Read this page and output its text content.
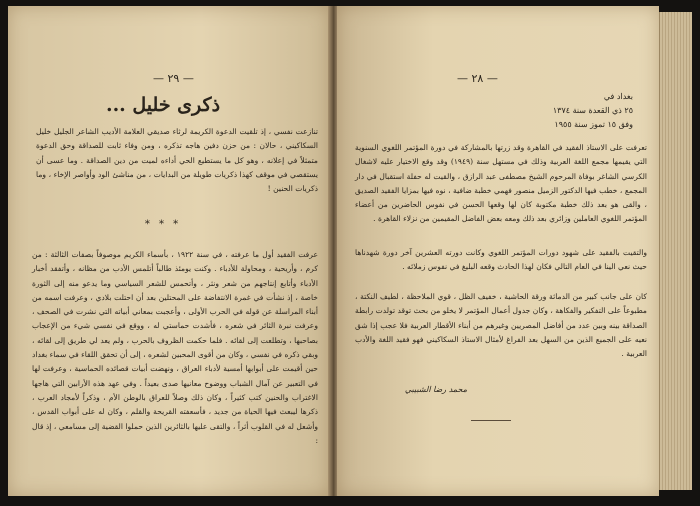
— ٢٩ —
ذكرى خليل ...
تنازعت نفسي ، إذ تلقيت الدعوة الكريمة لرثاء صديقي العلامة الأديب الشاعر الجليل خليل السكاكيني ، حالان : من حزن دفين هاجه تذكره ، ومن وفاء ثابت للصداقة وحق الدعوة متمثلاً في إعلانه ، وهو كل ما يستطيع الحي أداءه لميت من دين الصداقة . وما عسى أن يستقصي في موقف كهذا ذكريات طويلة من البدايات ، من مناشئ الود وأواصر الإخاء ، وما ذكريات الحنين !
* * *
عرفت الفقيد أول ما عرفته ، في سنة ١٩٢٢ ، بأسماء الكريم موصوفاً بصفات الثالثة : من كرم ، وأريحية ، ومحاولة للأدباء . وكنت يومئذ طالباً أتلمس الأدب من مظانه ، وأتفقد أخبار الأدباء وأتابع إنتاجهم من شعر ونثر ، وأتحمس للشعر السياسي وما يدعو منه إلى الثورة خاصة ، إذ نشأت في غمرة الانتفاضة على المحتلين بعد أن احتلت بلادي ، وعرفت اسمه من أبناء المراسلة عن قوله في الحرب الأولى ، وأعجبت بمعاني أبياته التي نشرت في الصحف ، وعرفت نبرة الثائر في شعره ، فأشدت حماستي له ، ووقع في نفسي شيء من الإعجاب بصاحبها ، وتطلعت إلى لقائه . فلما حكمت الظروف بالحرب ، ولم يعد لي طريق إلى لقائه ، وبقي ذكره في نفسي ، وكان من أقوى المحبين لشعره ، إلى أن تحقق اللقاء في سماء بغداد حين أقيمت على أبوابها أمسية لأدباء العراق ، ونهضت أبيات قصائده الحماسية ، وعرفت لها في التعبير عن آمال الشباب ووضوح معانيها صدى بعيداً . وفي عهد هذه الأرابين التي هاجها الاغتراب والحنين كتب كثيراً ، وكان ذلك وصلاً للعراق بالوطن الأم ، وذكراً لأمجاد العرب ، ذكرها ليبعث فيها الحياة من جديد ، فأسعفته القريحة والقلم ، وكان له على أبواب القدس ، وأشعل له في القلوب أثراً ، والتقى عليها بالثائرين الذين حملوا القضية إلى مسامعي ، إذ قال :
— ٢٨ —
بغداد في
٢٥ ذي القعدة سنة ١٣٧٤
وفق ١٥ تموز سنة ١٩٥٥
تعرفت على الاستاذ الفقيد في القاهرة وقد زرتها بالمشاركة في دورة المؤتمر اللغوي السنوية التي يقيمها مجمع اللغة العربية وذلك في مستهل سنة (١٩٤٩) وقد وقع الاختيار عليه لاشغال الكرسي الشاغر بوفاة المرحوم الشيخ مصطفى عبد الرازق ، والقيت له حفلة استقبال في دار المجمع ، خطب فيها الدكتور الزميل منصور فهمي خطبة ضافية ، نوه فيها بمزايا الفقيد الصديق ، والقى هو بعد ذلك خطبة مكتوبة كان لها وقعها الحسن في نفوس الحاضرين من أعضاء المؤتمر اللغوي العاملين وزائري بعد ذلك ومعه بعض الفاضل المقيمين من نزلاء القاهرة .
والتقيت بالفقيد على شهود دورات المؤتمر اللغوي وكانت دورته العشرين آخر دورة شهدناها حيث نعي الينا في العام التالي فكان لهذا الحادث وقعه البليغ في نفوس زملائه .
كان على جانب كبير من الدماثة ورقة الحاشية ، خفيف الظل ، قوي الملاحظة ، لطيف النكتة ، مطبوعاً على التفكير والفكاهة ، وكان جدول أعمال المؤتمر لا يخلو من بحث توقد تولدت رابطة الصداقة بينه وبين عدد من أفاضل المصريين وغيرهم من أبناء الأقطار العربية فلا عجب إذا شق نعيه على الجميع الذين من السهل بعد الفراغ لأمثال الاستاذ السكاكيني فهو فقيد اللغة والأدب العربية .
محمد رضا الشبيبي
